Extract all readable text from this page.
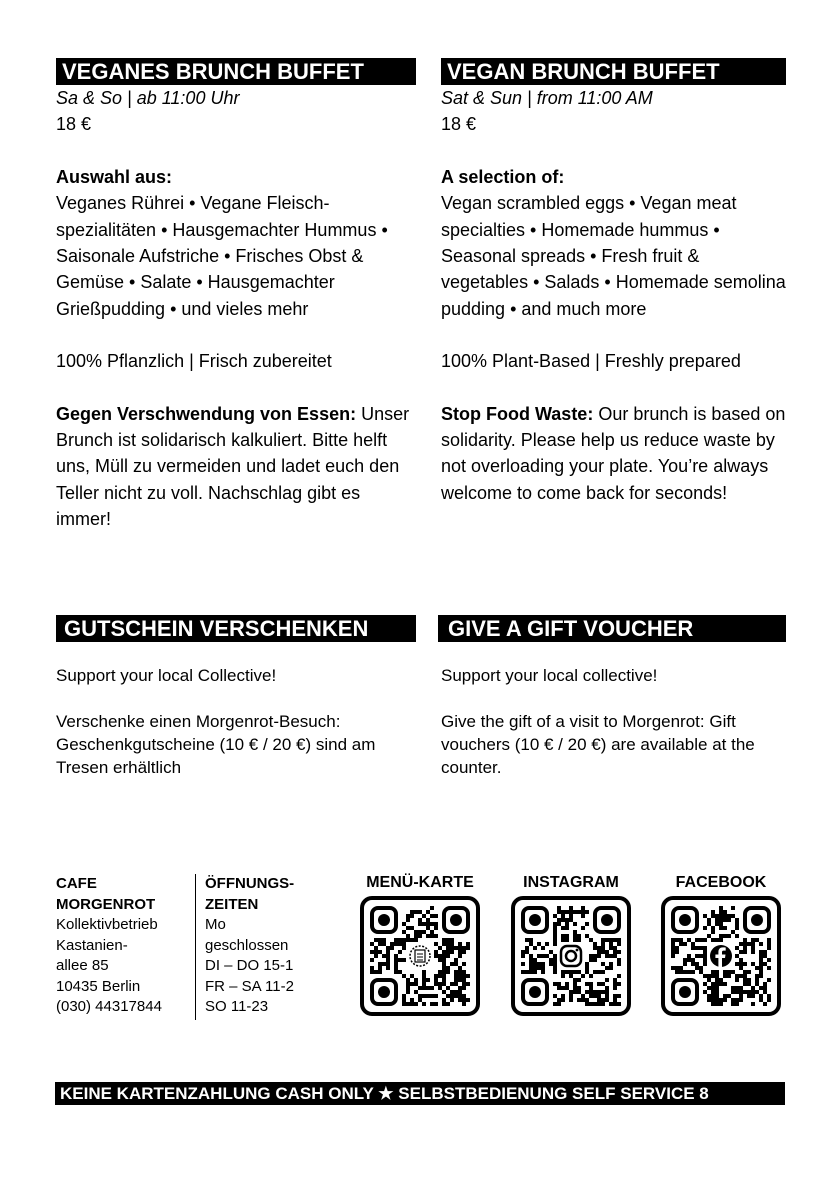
VEGANES BRUNCH BUFFET

Sa & So | ab 11:00 Uhr

18 €

Auswahl aus:

Veganes Rührei • Vegane Fleisch-spezialitäten • Hausgemachter Hummus • Saisonale Aufstriche • Frisches Obst & Gemüse • Salate • Hausgemachter Grießpudding • und vieles mehr

100% Pflanzlich | Frisch zubereitet

Gegen Verschwendung von Essen: Unser Brunch ist solidarisch kalkuliert. Bitte helft uns, Müll zu vermeiden und ladet euch den Teller nicht zu voll. Nachschlag gibt es immer!

VEGAN BRUNCH BUFFET

Sat & Sun | from 11:00 AM

18 €

A selection of:

Vegan scrambled eggs • Vegan meat specialties • Homemade hummus • Seasonal spreads • Fresh fruit & vegetables • Salads • Homemade semolina pudding • and much more

100% Plant-Based | Freshly prepared

Stop Food Waste: Our brunch is based on solidarity. Please help us reduce waste by not overloading your plate. You’re always welcome to come back for seconds!

GUTSCHEIN VERSCHENKEN

Support your local Collective!

Verschenke einen Morgenrot-Besuch: Geschenkgutscheine (10 € / 20 €) sind am Tresen erhältlich

GIVE A GIFT VOUCHER

Support your local collective!

Give the gift of a visit to Morgenrot: Gift vouchers (10 € / 20 €) are available at the counter.

CAFE
MORGENROT
Kollektivbetrieb
Kastanien-
allee 85
10435 Berlin
(030) 44317844
ÖFFNUNGS-
ZEITEN
Mo
geschlossen
DI – DO 15-1
FR – SA 11-2
SO 11-23
MENÜ-KARTE	INSTAGRAM	FACEBOOK
KEINE KARTENZAHLUNG CASH ONLY ★ SELBSTBEDIENUNG SELF SERVICE 8
